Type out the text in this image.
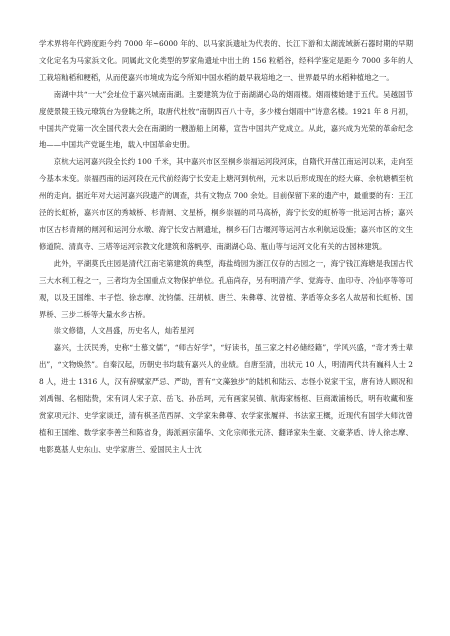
学术界将年代跨度距今约 7000 年~6000 年的、以马家浜遗址为代表的、长江下游和太湖流域新石器时期的早期文化定名为马家浜文化。同属此文化类型的罗家角遗址中出土的 156 粒稻谷，经科学鉴定是距今 7000 多年的人工栽培籼稻和粳稻，从而使嘉兴市境成为迄今所知中国水稻的最早栽培地之一、世界最早的水稻种植地之一。

南湖中共“一大”会址位于嘉兴城南南湖。主要建筑为位于南湖湖心岛的烟雨楼。烟雨楼始建于五代。吴越国节度使景陵王钱元璙筑台为登眺之所，取唐代杜牧“南朝四百八十寺，多少楼台烟雨中”诗意名楼。1921 年 8 月初，中国共产党第一次全国代表大会在南湖的一艘游船上闭幕，宣告中国共产党成立。从此，嘉兴成为光荣的革命纪念地——中国共产党诞生地，载入中国革命史册。

京杭大运河嘉兴段全长约 100 千米，其中嘉兴市区至桐乡崇福运河段河床，自隋代开凿江南运河以来，走向至今基本未变。崇福西南的运河段在元代前经海宁长安走上塘河到杭州，元末以后形成现在的经大麻、余杭塘栖至杭州的走向。据近年对大运河嘉兴段遗产的调查，共有文物点 700 余处。目前保留下来的遗产中，最重要的有：王江泾的长虹桥，嘉兴市区的秀城桥、杉青闸、文星桥，桐乡崇福的司马高桥，海宁长安的虹桥等一批运河古桥；嘉兴市区古杉青闸的闸河和运河分水墩、海宁长安古闸遗址，桐乡石门古堰河等运河古水利航运设施；嘉兴市区的文生修道院、清真寺、三塔等运河宗教文化建筑和落帆亭、南湖湖心岛、瓶山等与运河文化有关的古园林建筑。

此外，平湖莫氏庄园是清代江南宅第建筑的典型，海盐绮园为浙江仅存的古园之一，海宁钱江海塘是我国古代三大水利工程之一，三者均为全国重点文物保护单位。孔庙尚存，另有明清产学、觉海寺、血印寺、冷仙亭等等可观，以及王国维、丰子恺、徐志摩、沈钧儒、汪胡桢、唐兰、朱彝尊、沈曾植、茅盾等众多名人故居和长虹桥、国界桥、三步二桥等大量水乡古桥。

崇文修德，人文昌盛，历史名人，灿若星河

嘉兴，士沃民秀，史称“士慕文儒”，“师古好学”，“好读书，虽三家之村必储经籍”，学风兴盛，“奇才秀士辈出”，“文物焕然”。自秦汉起，历朝史书均载有嘉兴人的业绩。自唐至清，出状元 10 人，明清两代共有巍科人士 28 人，进士 1316 人，汉有辞赋家严忌、严助，晋有“文藻独步”的陆机和陆云、志怪小说家干宝，唐有诗人顾况和刘禹锡、名相陆贽，宋有词人宋子京、岳飞、孙岳珂，元有画家吴镇、航海家杨枢、巨商澉浦杨氏，明有收藏和鉴赏家项元汴、史学家谈迁，清有棋圣范西屏、文学家朱彝尊、农学家张履祥、书法家王概，近现代有国学大师沈曾植和王国维、数学家李善兰和陈省身，海派画宗蒲华、文化宗师张元济、翻译家朱生豪、文豪茅盾、诗人徐志摩、电影奠基人史东山、史学家唐兰、爱国民主人士沈
